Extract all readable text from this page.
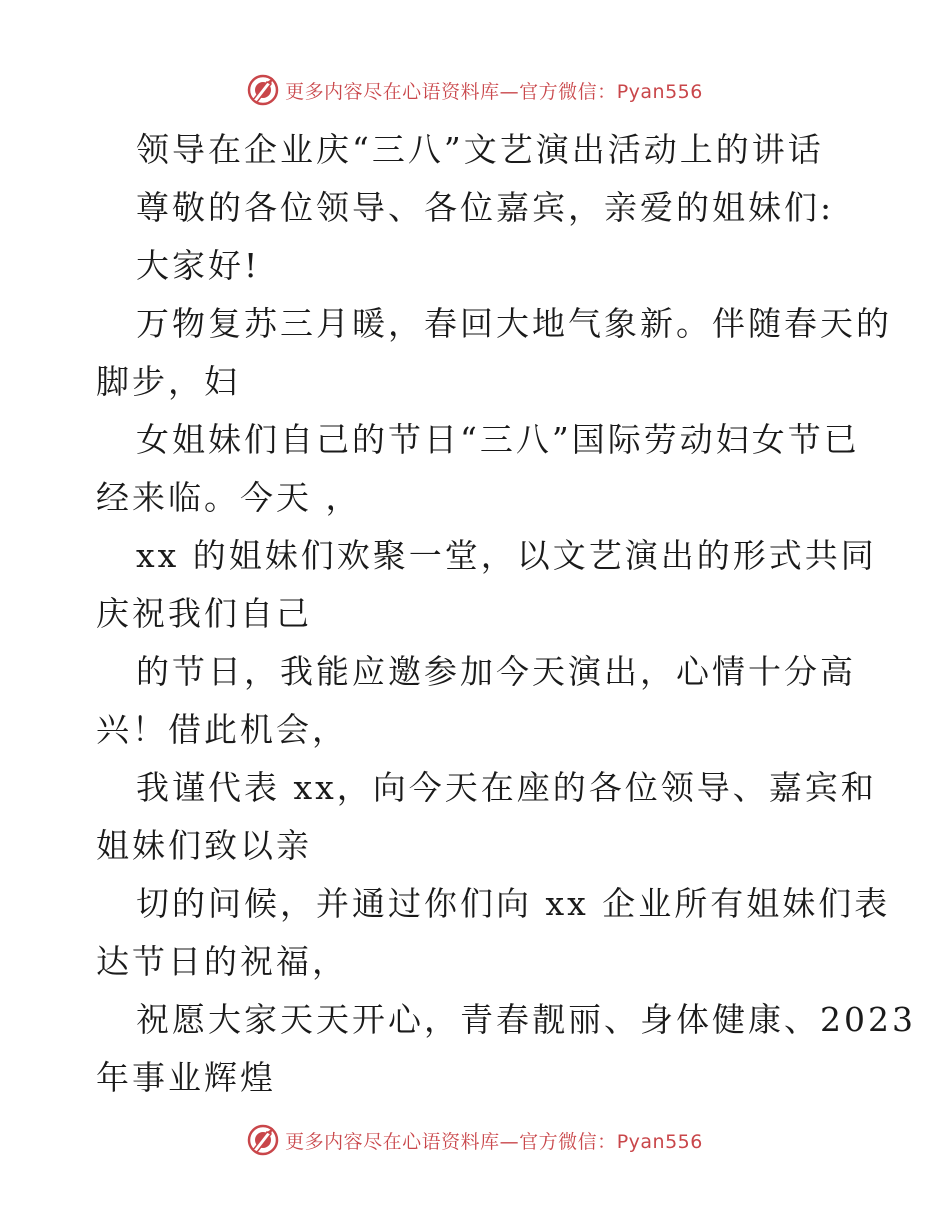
更多内容尽在心语资料库—官方微信：Pyan556
领导在企业庆“三八”文艺演出活动上的讲话
尊敬的各位领导、各位嘉宾，亲爱的姐妹们:
大家好!
万物复苏三月暖，春回大地气象新。伴随春天的
脚步，妇
女姐妹们自己的节日“三八”国际劳动妇女节已
经来临。今天 ，
xx 的姐妹们欢聚一堂，以文艺演出的形式共同
庆祝我们自己
的节日，我能应邀参加今天演出，心情十分高
兴！借此机会，
我谨代表 xx，向今天在座的各位领导、嘉宾和
姐妹们致以亲
切的问候，并通过你们向 xx 企业所有姐妹们表
达节日的祝福，
祝愿大家天天开心，青春靓丽、身体健康、2023
年事业辉煌
更多内容尽在心语资料库—官方微信：Pyan556
